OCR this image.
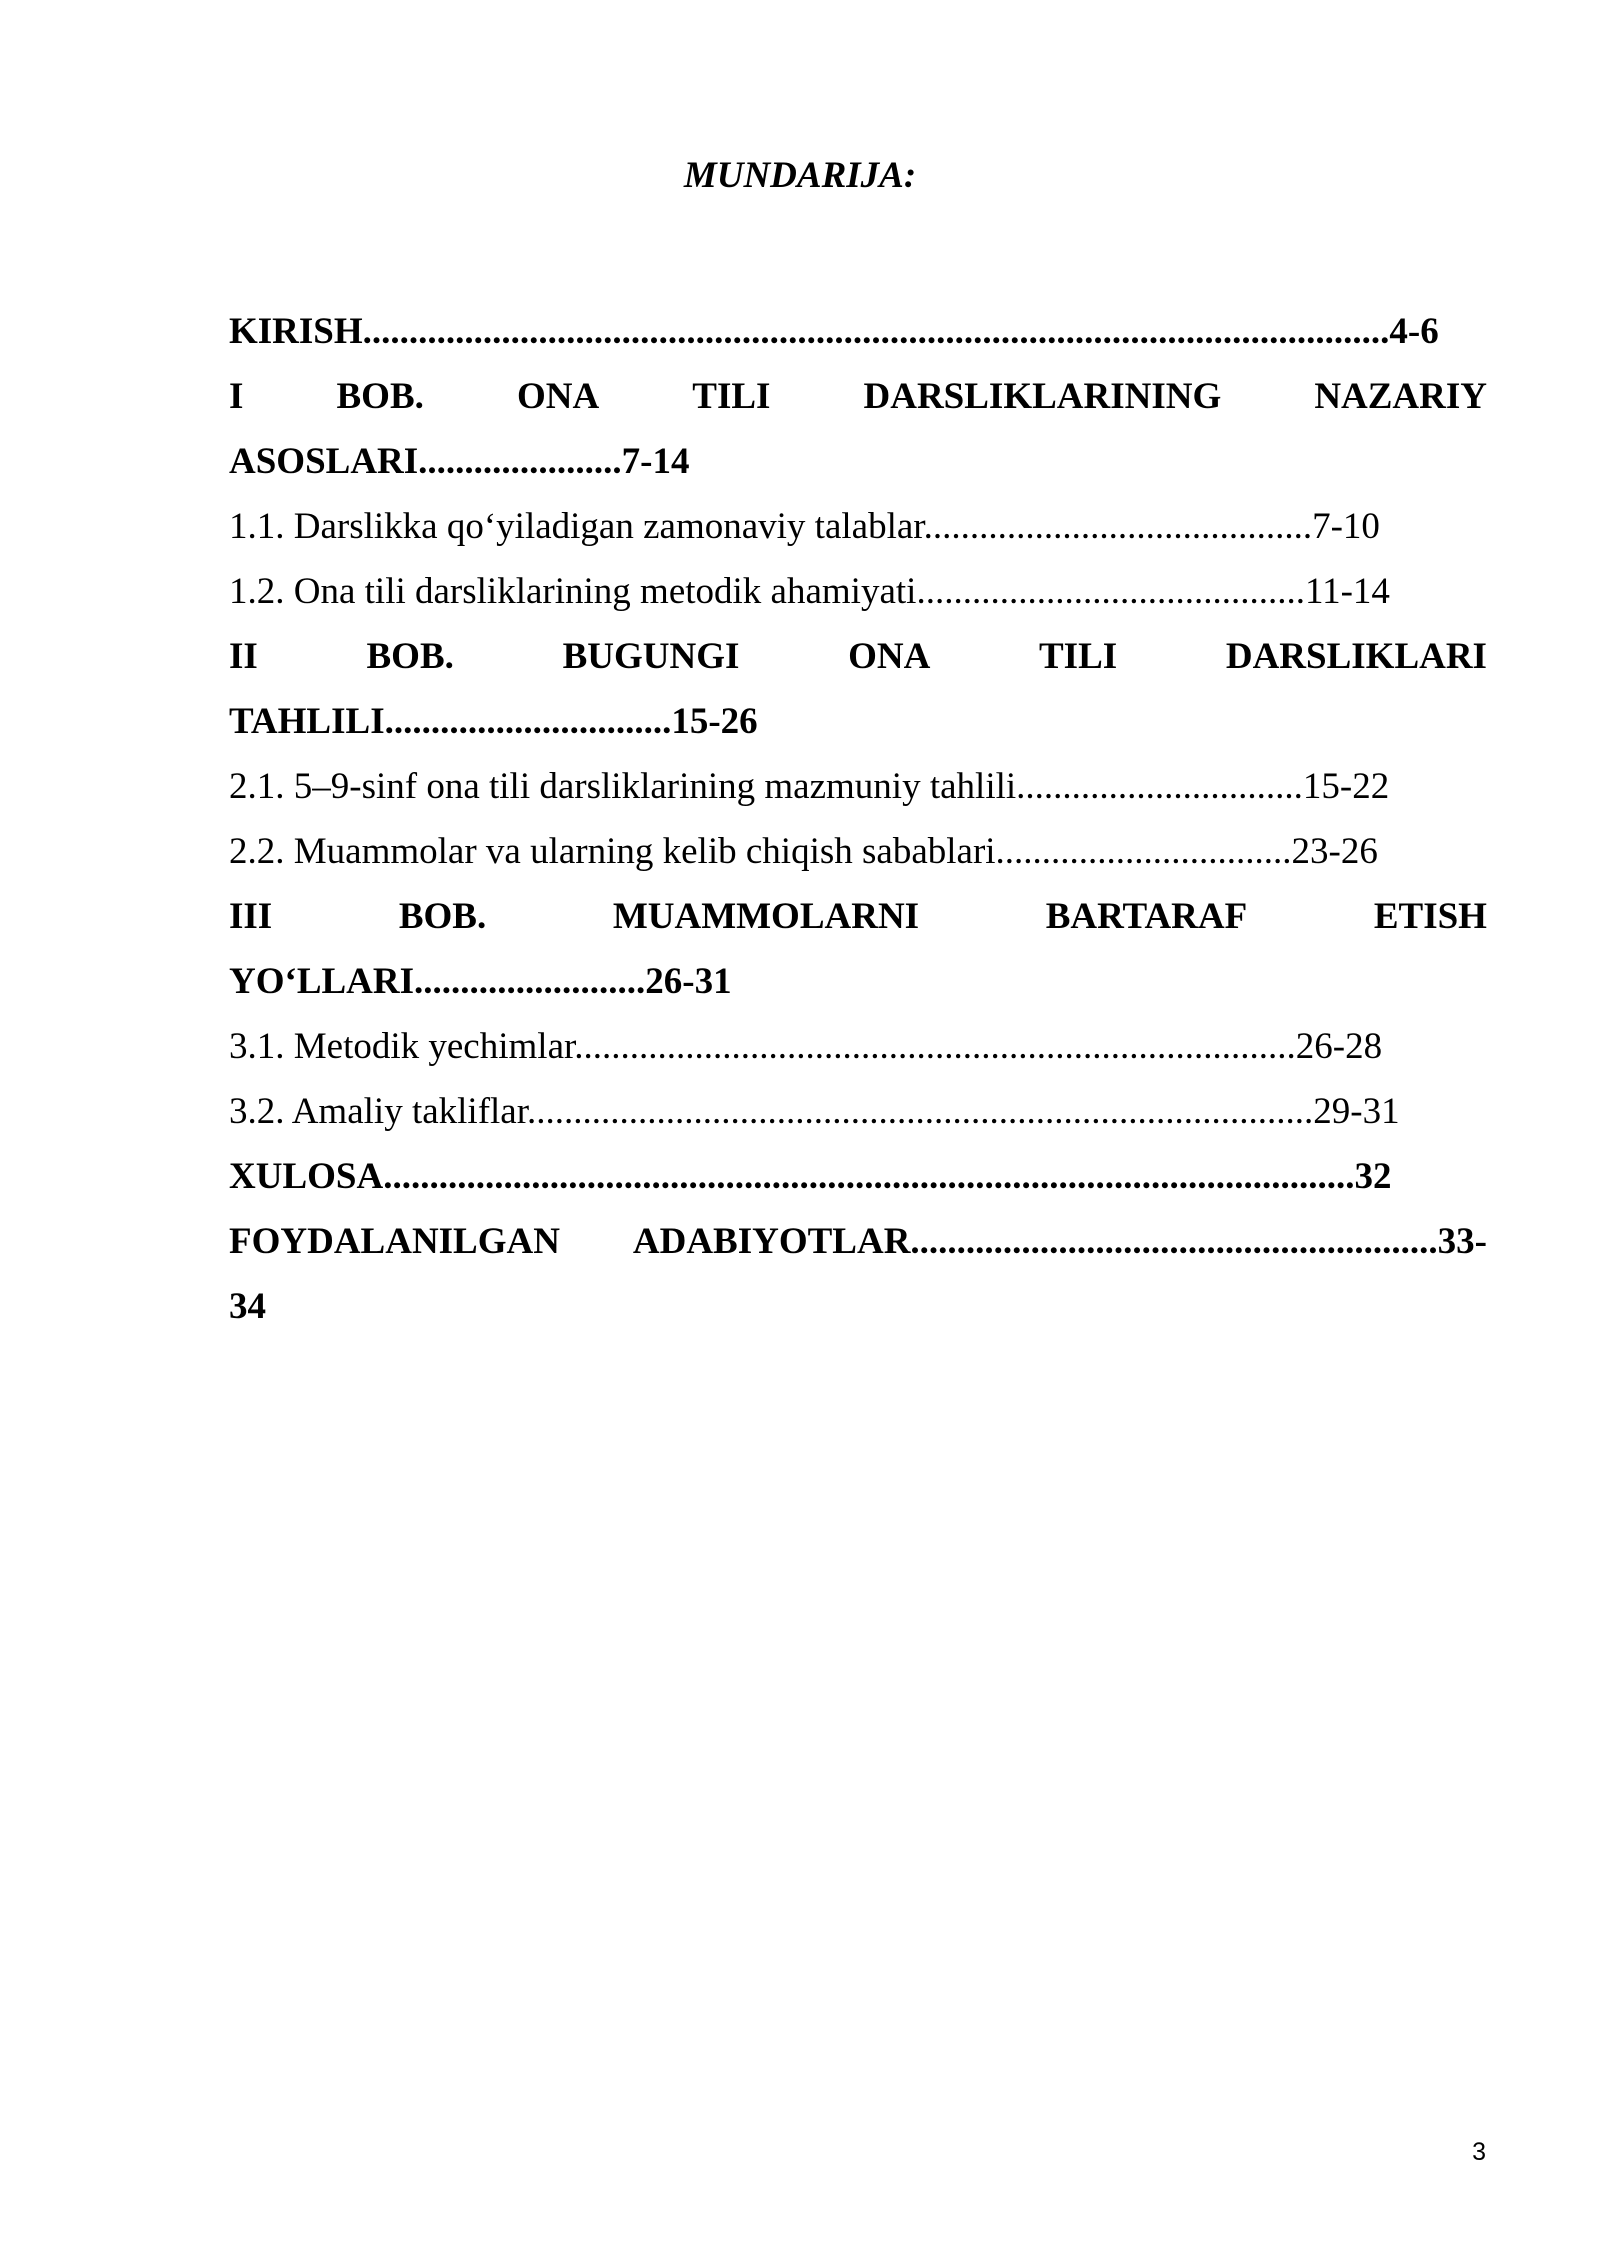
MUNDARIJA:
KIRISH...............................................................................................................4-6
I	BOB.	ONA	TILI	DARSLIKLARINING	NAZARIY
ASOSLARI......................7-14
1.1. Darslikka qo‘yiladigan zamonaviy talablar..........................................7-10
1.2. Ona tili darsliklarining metodik ahamiyati..........................................11-14
II	BOB.	BUGUNGI	ONA	TILI	DARSLIKLARI
TAHLILI...............................15-26
2.1. 5–9-sinf ona tili darsliklarining mazmuniy tahlili...............................15-22
2.2. Muammolar va ularning kelib chiqish sabablari................................23-26
III	BOB.	MUAMMOLARNI	BARTARAF	ETISH
YO‘LLARI.........................26-31
3.1. Metodik yechimlar..............................................................................26-28
3.2. Amaliy takliflar.....................................................................................29-31
XULOSA.........................................................................................................32
FOYDALANILGAN ADABIYOTLAR.........................................................33-
34
3
